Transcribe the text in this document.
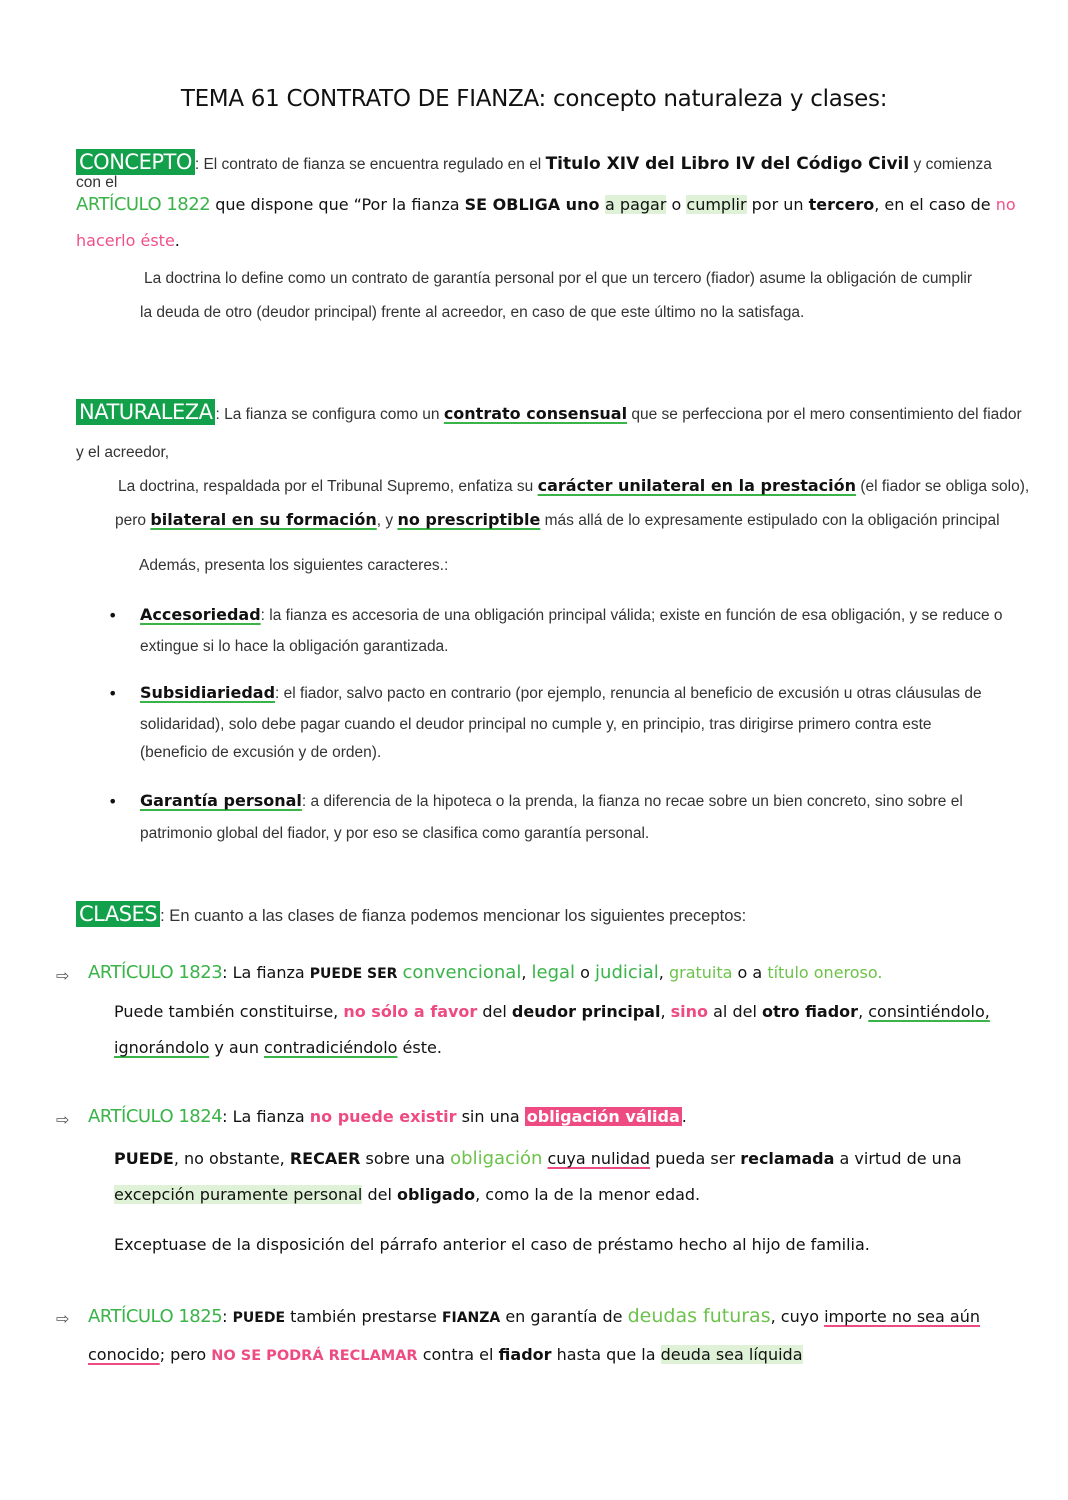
TEMA 61 CONTRATO DE FIANZA: concepto naturaleza y clases:
CONCEPTO : El contrato de fianza se encuentra regulado en el Titulo XIV del Libro IV del Código Civil y comienza con el
ARTÍCULO 1822 que dispone que “Por la fianza SE OBLIGA uno a pagar o cumplir por un tercero, en el caso de no
hacerlo éste.
La doctrina lo define como un contrato de garantía personal por el que un tercero (fiador) asume la obligación de cumplir
la deuda de otro (deudor principal) frente al acreedor, en caso de que este último no la satisfaga.
NATURALEZA : La fianza se configura como un contrato consensual que se perfecciona por el mero consentimiento del fiador
y el acreedor,
La doctrina, respaldada por el Tribunal Supremo, enfatiza su carácter unilateral en la prestación (el fiador se obliga solo),
pero bilateral en su formación, y no prescriptible más allá de lo expresamente estipulado con la obligación principal
Además, presenta los siguientes caracteres.:
• Accesoriedad: la fianza es accesoria de una obligación principal válida; existe en función de esa obligación, y se reduce o
extingue si lo hace la obligación garantizada.
• Subsidiariedad: el fiador, salvo pacto en contrario (por ejemplo, renuncia al beneficio de excusión u otras cláusulas de
solidaridad), solo debe pagar cuando el deudor principal no cumple y, en principio, tras dirigirse primero contra este
(beneficio de excusión y de orden).
• Garantía personal: a diferencia de la hipoteca o la prenda, la fianza no recae sobre un bien concreto, sino sobre el
patrimonio global del fiador, y por eso se clasifica como garantía personal.
CLASES : En cuanto a las clases de fianza podemos mencionar los siguientes preceptos:
⇨ ARTÍCULO 1823: La fianza PUEDE SER convencional, legal o judicial, gratuita o a título oneroso.
Puede también constituirse, no sólo a favor del deudor principal, sino al del otro fiador, consintiéndolo,
ignorándolo y aun contradiciéndolo éste.
⇨ ARTÍCULO 1824: La fianza no puede existir sin una obligación válida .
PUEDE, no obstante, RECAER sobre una obligación cuya nulidad pueda ser reclamada a virtud de una
excepción puramente personal del obligado, como la de la menor edad.
Exceptuase de la disposición del párrafo anterior el caso de préstamo hecho al hijo de familia.
⇨ ARTÍCULO 1825: PUEDE también prestarse FIANZA en garantía de deudas futuras, cuyo importe no sea aún
conocido; pero NO SE PODRÁ RECLAMAR contra el fiador hasta que la deuda sea líquida
